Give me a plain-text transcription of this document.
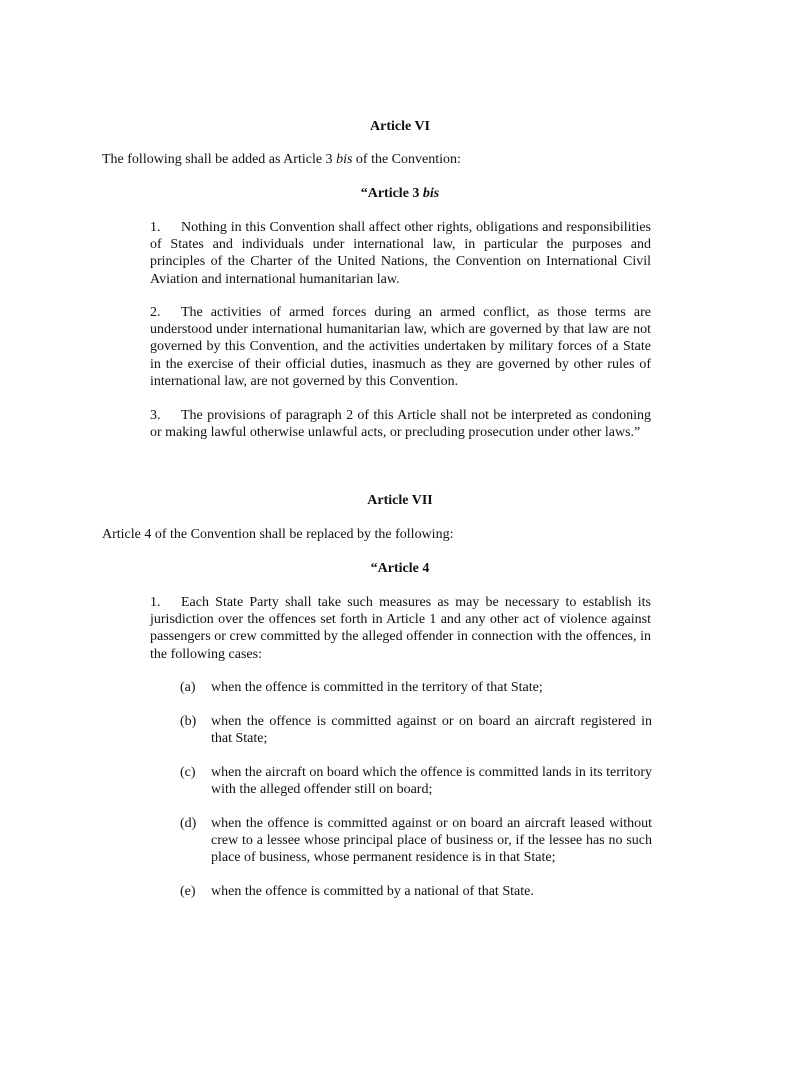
Article VI
The following shall be added as Article 3 bis of the Convention:
“Article 3 bis
1. Nothing in this Convention shall affect other rights, obligations and responsibilities of States and individuals under international law, in particular the purposes and principles of the Charter of the United Nations, the Convention on International Civil Aviation and international humanitarian law.
2. The activities of armed forces during an armed conflict, as those terms are understood under international humanitarian law, which are governed by that law are not governed by this Convention, and the activities undertaken by military forces of a State in the exercise of their official duties, inasmuch as they are governed by other rules of international law, are not governed by this Convention.
3. The provisions of paragraph 2 of this Article shall not be interpreted as condoning or making lawful otherwise unlawful acts, or precluding prosecution under other laws.”
Article VII
Article 4 of the Convention shall be replaced by the following:
“Article 4
1. Each State Party shall take such measures as may be necessary to establish its jurisdiction over the offences set forth in Article 1 and any other act of violence against passengers or crew committed by the alleged offender in connection with the offences, in the following cases:
(a) when the offence is committed in the territory of that State;
(b) when the offence is committed against or on board an aircraft registered in that State;
(c) when the aircraft on board which the offence is committed lands in its territory with the alleged offender still on board;
(d) when the offence is committed against or on board an aircraft leased without crew to a lessee whose principal place of business or, if the lessee has no such place of business, whose permanent residence is in that State;
(e) when the offence is committed by a national of that State.
